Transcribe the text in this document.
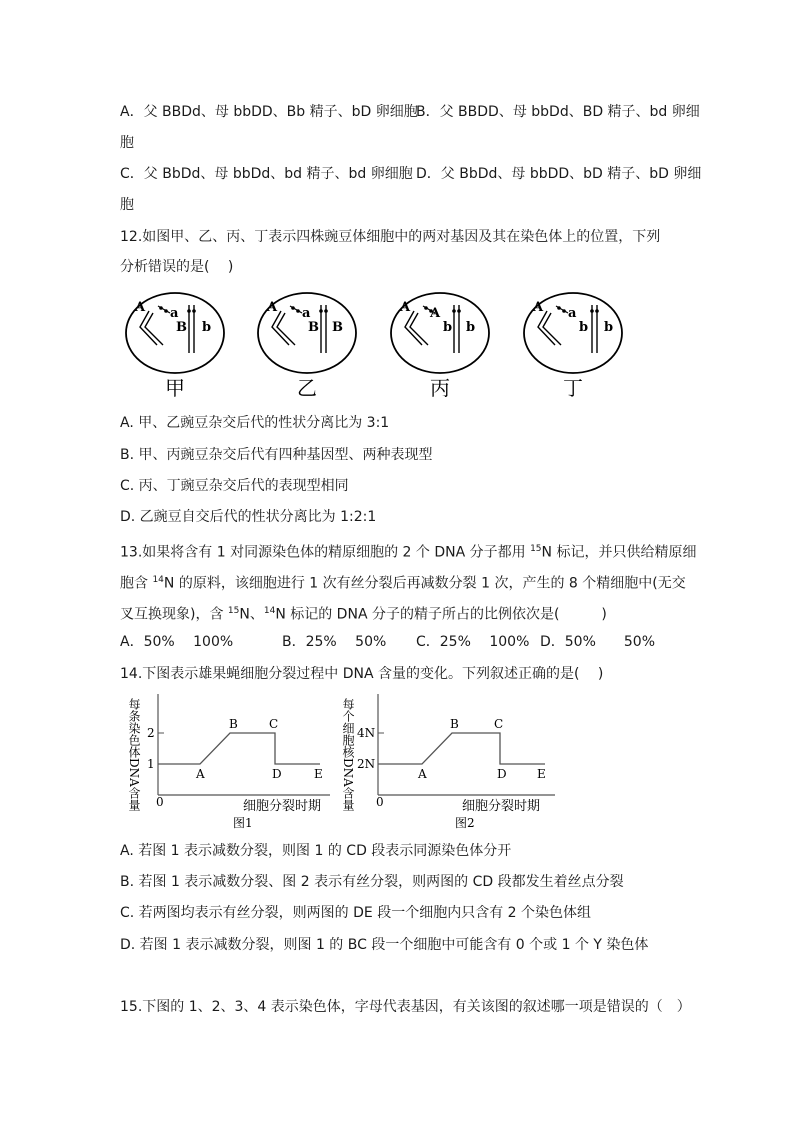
A．父 BBDd、母 bbDD、Bb 精子、bD 卵细胞
B．父 BBDD、母 bbDd、BD 精子、bd 卵细
胞
C．父 BbDd、母 bbDd、bd 精子、bd 卵细胞 D．父 BbDd、母 bbDD、bD 精子、bD 卵细
胞
12.如图甲、乙、丙、丁表示四株豌豆体细胞中的两对基因及其在染色体上的位置，下列
分析错误的是(　 )
A a
B b
A a
B B
A A
b b
A a
b b
甲	乙	丙	丁
A. 甲、乙豌豆杂交后代的性状分离比为 3:1
B. 甲、丙豌豆杂交后代有四种基因型、两种表现型
C. 丙、丁豌豆杂交后代的表现型相同
D. 乙豌豆自交后代的性状分离比为 1:2:1
13.如果将含有 1 对同源染色体的精原细胞的 2 个 DNA 分子都用 $^{15}$N 标记，并只供给精原细
胞含 $^{14}$N 的原料，该细胞进行 1 次有丝分裂后再减数分裂 1 次，产生的 8 个精细胞中(无交
叉互换现象)，含 $^{15}$N、$^{14}$N 标记的 DNA 分子的精子所占的比例依次是(　　　)
A．50%　 100%	B．25%　 50% C．25%　 100% D．50%　　50%
14.下图表示雄果蝇细胞分裂过程中 DNA 含量的变化。下列叙述正确的是(　 )
每条染色体DNA含量 2
1
0
A
B	C
D	E
细胞分裂时期
图1
每个细胞核DNA含量 4N
2N
0
A
B	C
D	E
细胞分裂时期
图2
A. 若图 1 表示减数分裂，则图 1 的 CD 段表示同源染色体分开
B. 若图 1 表示减数分裂、图 2 表示有丝分裂，则两图的 CD 段都发生着丝点分裂
C. 若两图均表示有丝分裂，则两图的 DE 段一个细胞内只含有 2 个染色体组
D. 若图 1 表示减数分裂，则图 1 的 BC 段一个细胞中可能含有 0 个或 1 个 Y 染色体
15.下图的 1、2、3、4 表示染色体，字母代表基因，有关该图的叙述哪一项是错误的（　）
